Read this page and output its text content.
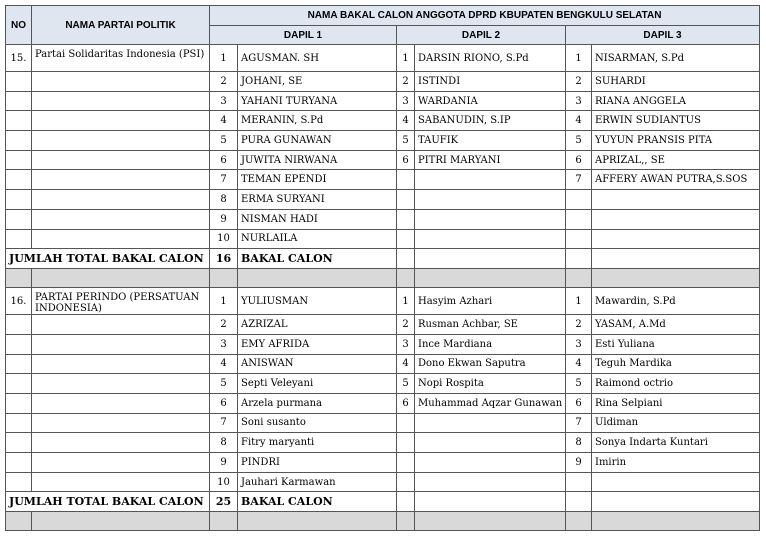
NO	NAMA PARTAI POLITIK	NAMA BAKAL CALON ANGGOTA DPRD KBUPATEN BENGKULU SELATAN					
		DAPIL 1		DAPIL 2		DAPIL 3	
15.	Partai Solidaritas Indonesia (PSI)	1	AGUSMAN. SH	1	DARSIN RIONO, S.Pd	1	NISARMAN, S.Pd
		2	JOHANI, SE	2	ISTINDI	2	SUHARDI
		3	YAHANI TURYANA	3	WARDANIA	3	RIANA ANGGELA
		4	MERANIN, S.Pd	4	SABANUDIN, S.IP	4	ERWIN SUDIANTUS
		5	PURA GUNAWAN	5	TAUFIK	5	YUYUN PRANSIS PITA
		6	JUWITA NIRWANA	6	PITRI MARYANI	6	APRIZAL,, SE
		7	TEMAN EPENDI			7	AFFERY AWAN PUTRA,S.SOS
		8	ERMA SURYANI				
		9	NISMAN HADI				
		10	NURLAILA				
JUMLAH TOTAL BAKAL CALON		16	BAKAL CALON				

16.	PARTAI PERINDO (PERSATUAN INDONESIA)	1	YULIUSMAN	1	Hasyim Azhari	1	Mawardin, S.Pd
		2	AZRIZAL	2	Rusman Achbar, SE	2	YASAM, A.Md
		3	EMY AFRIDA	3	Ince Mardiana	3	Esti Yuliana
		4	ANISWAN	4	Dono Ekwan Saputra	4	Teguh Mardika
		5	Septi Veleyani	5	Nopi Rospita	5	Raimond octrio
		6	Arzela purmana	6	Muhammad Aqzar Gunawan	6	Rina Selpiani
		7	Soni susanto			7	Uldiman
		8	Fitry maryanti			8	Sonya Indarta Kuntari
		9	PINDRI			9	Imirin
		10	Jauhari Karmawan				
JUMLAH TOTAL BAKAL CALON		25	BAKAL CALON				
